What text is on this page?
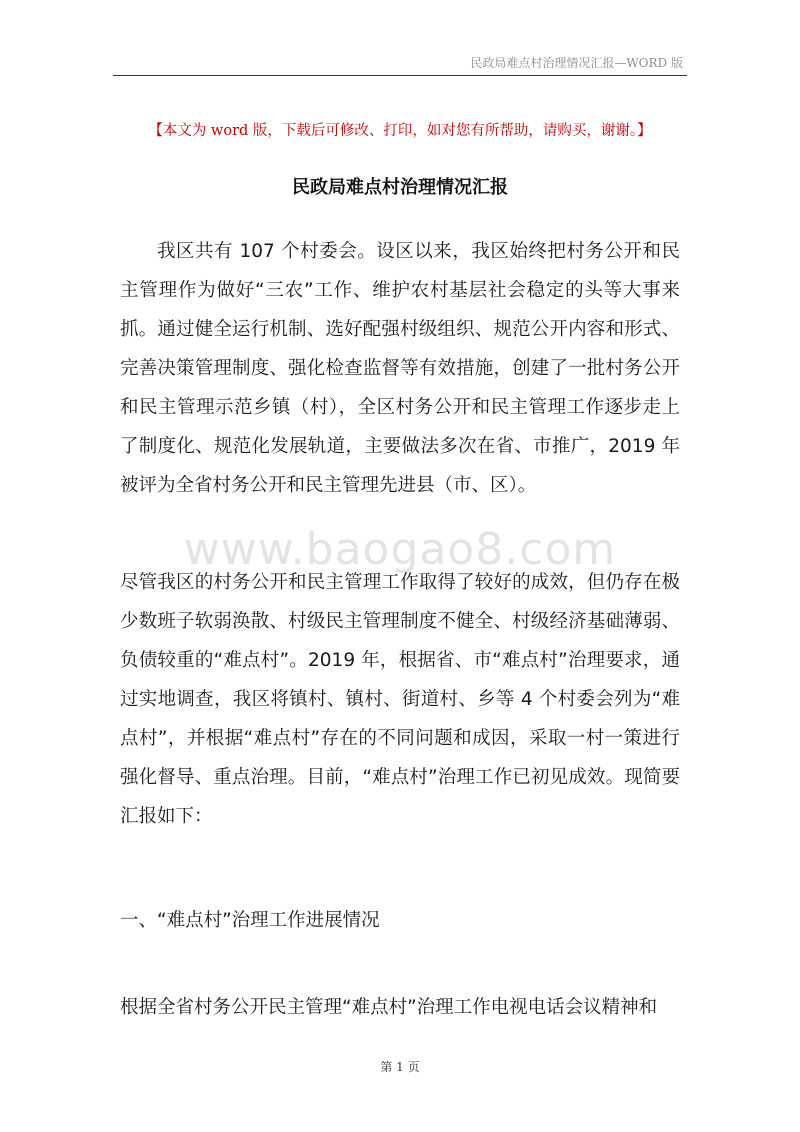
民政局难点村治理情况汇报—WORD 版
【本文为 word 版，下载后可修改、打印，如对您有所帮助，请购买，谢谢。】
民政局难点村治理情况汇报
我区共有 107 个村委会。设区以来，我区始终把村务公开和民主管理作为做好“三农”工作、维护农村基层社会稳定的头等大事来抓。通过健全运行机制、选好配强村级组织、规范公开内容和形式、完善决策管理制度、强化检查监督等有效措施，创建了一批村务公开和民主管理示范乡镇（村），全区村务公开和民主管理工作逐步走上了制度化、规范化发展轨道，主要做法多次在省、市推广，2019 年被评为全省村务公开和民主管理先进县（市、区）。
www.baogao8.com
尽管我区的村务公开和民主管理工作取得了较好的成效，但仍存在极少数班子软弱涣散、村级民主管理制度不健全、村级经济基础薄弱、负债较重的“难点村”。2019 年，根据省、市“难点村”治理要求，通过实地调查，我区将镇村、镇村、街道村、乡等 4 个村委会列为“难点村”，并根据“难点村”存在的不同问题和成因，采取一村一策进行强化督导、重点治理。目前，“难点村”治理工作已初见成效。现简要汇报如下：
一、“难点村”治理工作进展情况
根据全省村务公开民主管理“难点村”治理工作电视电话会议精神和
第 1 页
